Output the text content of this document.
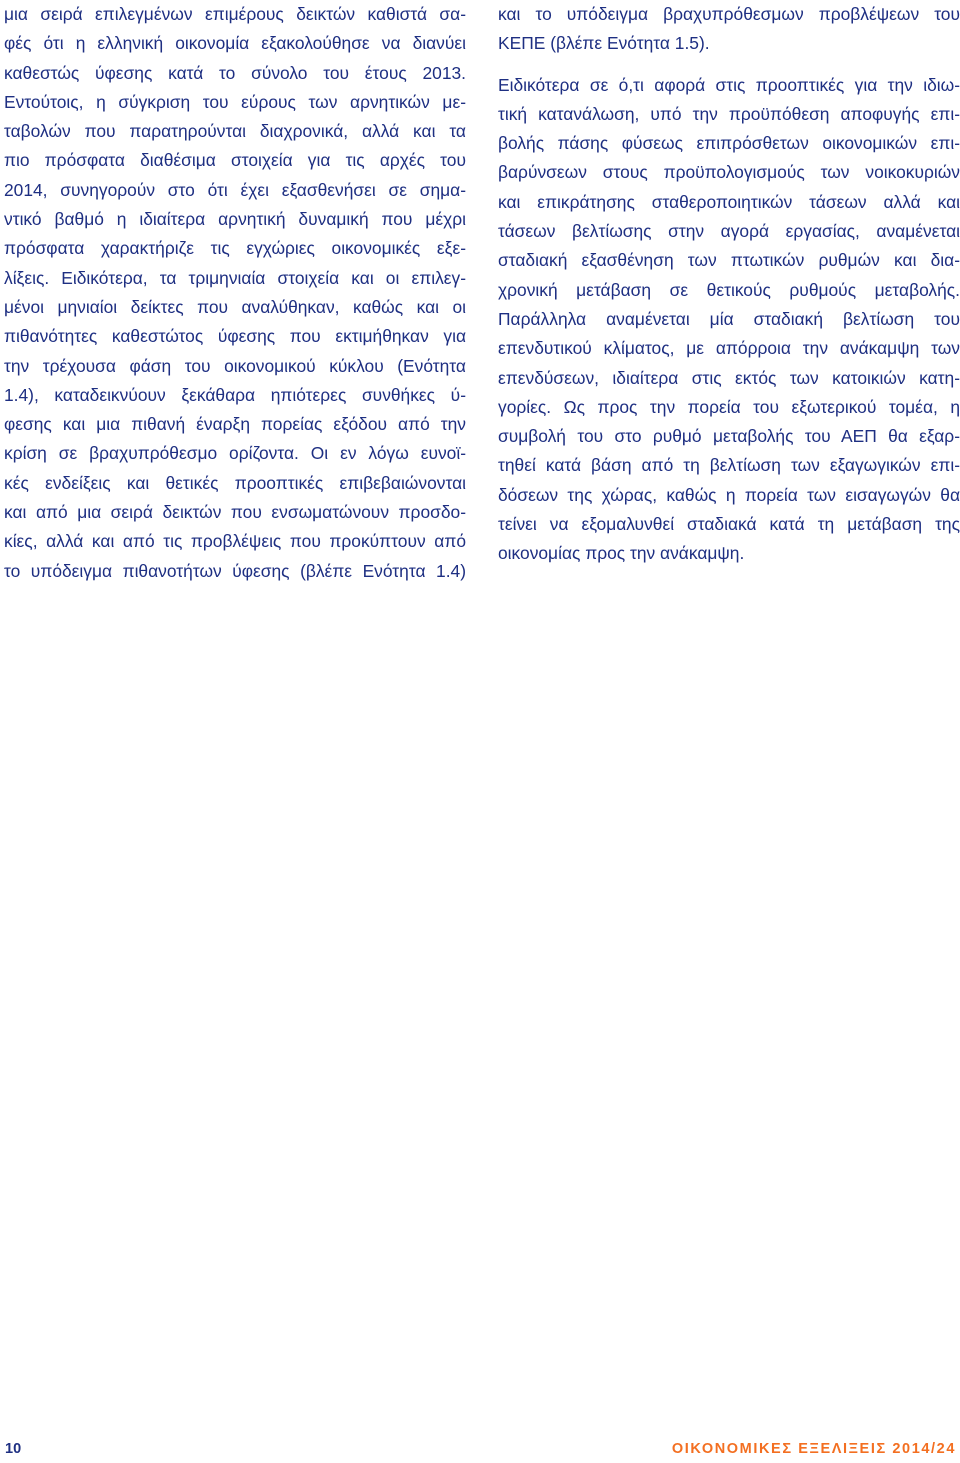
μια σειρά επιλεγμένων επιμέρους δεικτών καθιστά σα-
φές ότι η ελληνική οικονομία εξακολούθησε να διανύει
καθεστώς ύφεσης κατά το σύνολο του έτους 2013.
Εντούτοις, η σύγκριση του εύρους των αρνητικών με-
ταβολών που παρατηρούνται διαχρονικά, αλλά και τα
πιο πρόσφατα διαθέσιμα στοιχεία για τις αρχές του
2014, συνηγορούν στο ότι έχει εξασθενήσει σε σημα-
ντικό βαθμό η ιδιαίτερα αρνητική δυναμική που μέχρι
πρόσφατα χαρακτήριζε τις εγχώριες οικονομικές εξε-
λίξεις. Ειδικότερα, τα τριμηνιαία στοιχεία και οι επιλεγ-
μένοι μηνιαίοι δείκτες που αναλύθηκαν, καθώς και οι
πιθανότητες καθεστώτος ύφεσης που εκτιμήθηκαν για
την τρέχουσα φάση του οικονομικού κύκλου (Ενότητα
1.4), καταδεικνύουν ξεκάθαρα ηπιότερες συνθήκες ύ-
φεσης και μια πιθανή έναρξη πορείας εξόδου από την
κρίση σε βραχυπρόθεσμο ορίζοντα. Οι εν λόγω ευνοϊ-
κές ενδείξεις και θετικές προοπτικές επιβεβαιώνονται
και από μια σειρά δεικτών που ενσωματώνουν προσδο-
κίες, αλλά και από τις προβλέψεις που προκύπτουν από
το υπόδειγμα πιθανοτήτων ύφεσης (βλέπε Ενότητα 1.4)
και το υπόδειγμα βραχυπρόθεσμων προβλέψεων του
ΚΕΠΕ (βλέπε Ενότητα 1.5).
Ειδικότερα σε ό,τι αφορά στις προοπτικές για την ιδιω-
τική κατανάλωση, υπό την προϋπόθεση αποφυγής επι-
βολής πάσης φύσεως επιπρόσθετων οικονομικών επι-
βαρύνσεων στους προϋπολογισμούς των νοικοκυριών
και επικράτησης σταθεροποιητικών τάσεων αλλά και
τάσεων βελτίωσης στην αγορά εργασίας, αναμένεται
σταδιακή εξασθένηση των πτωτικών ρυθμών και δια-
χρονική μετάβαση σε θετικούς ρυθμούς μεταβολής.
Παράλληλα αναμένεται μία σταδιακή βελτίωση του
επενδυτικού κλίματος, με απόρροια την ανάκαμψη των
επενδύσεων, ιδιαίτερα στις εκτός των κατοικιών κατη-
γορίες. Ως προς την πορεία του εξωτερικού τομέα, η
συμβολή του στο ρυθμό μεταβολής του ΑΕΠ θα εξαρ-
τηθεί κατά βάση από τη βελτίωση των εξαγωγικών επι-
δόσεων της χώρας, καθώς η πορεία των εισαγωγών θα
τείνει να εξομαλυνθεί σταδιακά κατά τη μετάβαση της
οικονομίας προς την ανάκαμψη.
10	ΟΙΚΟΝΟΜΙΚΕΣ ΕΞΕΛΙΞΕΙΣ 2014/24
